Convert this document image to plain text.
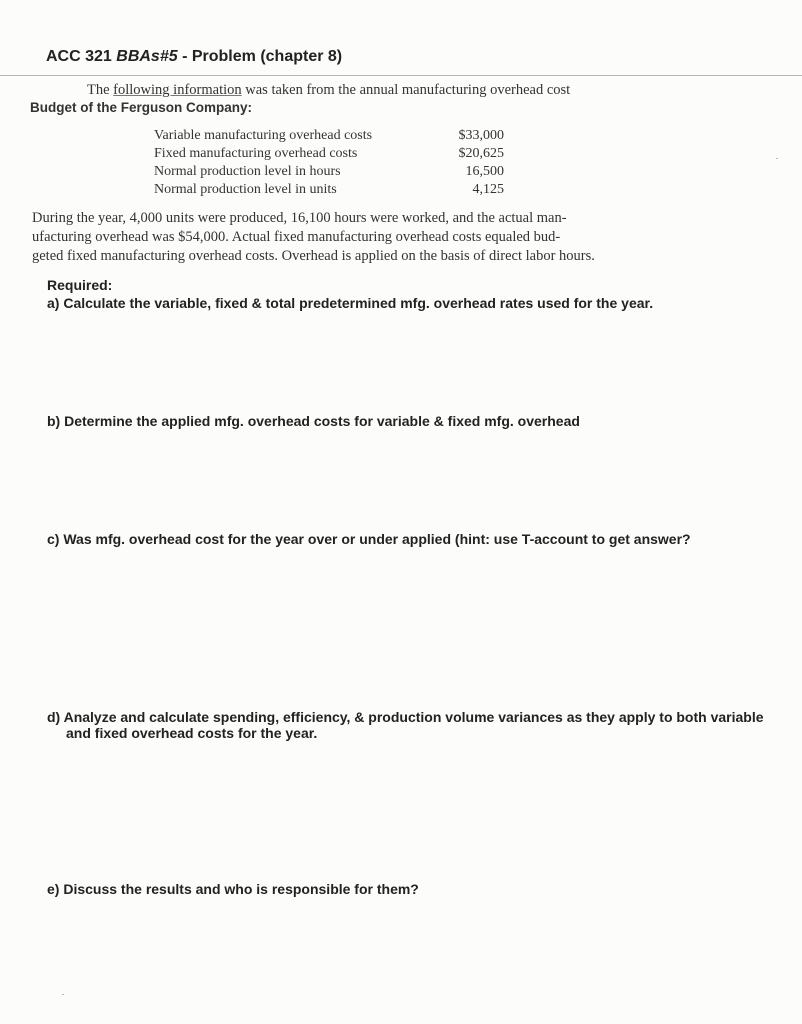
ACC 321 BBAs#5 - Problem (chapter 8)
The following information was taken from the annual manufacturing overhead cost
Budget of the Ferguson Company:
Variable manufacturing overhead costs	$33,000
Fixed manufacturing overhead costs	$20,625
Normal production level in hours	16,500
Normal production level in units	4,125
During the year, 4,000 units were produced, 16,100 hours were worked, and the actual man-
ufacturing overhead was $54,000. Actual fixed manufacturing overhead costs equaled bud-
geted fixed manufacturing overhead costs. Overhead is applied on the basis of direct labor hours.
Required:
a) Calculate the variable, fixed & total predetermined mfg. overhead rates used for the year.
b) Determine the applied mfg. overhead costs for variable & fixed mfg. overhead
c) Was mfg. overhead cost for the year over or under applied (hint: use T-account to get answer?
d) Analyze and calculate spending, efficiency, & production volume variances as they apply to both variable
and fixed overhead costs for the year.
e) Discuss the results and who is responsible for them?
